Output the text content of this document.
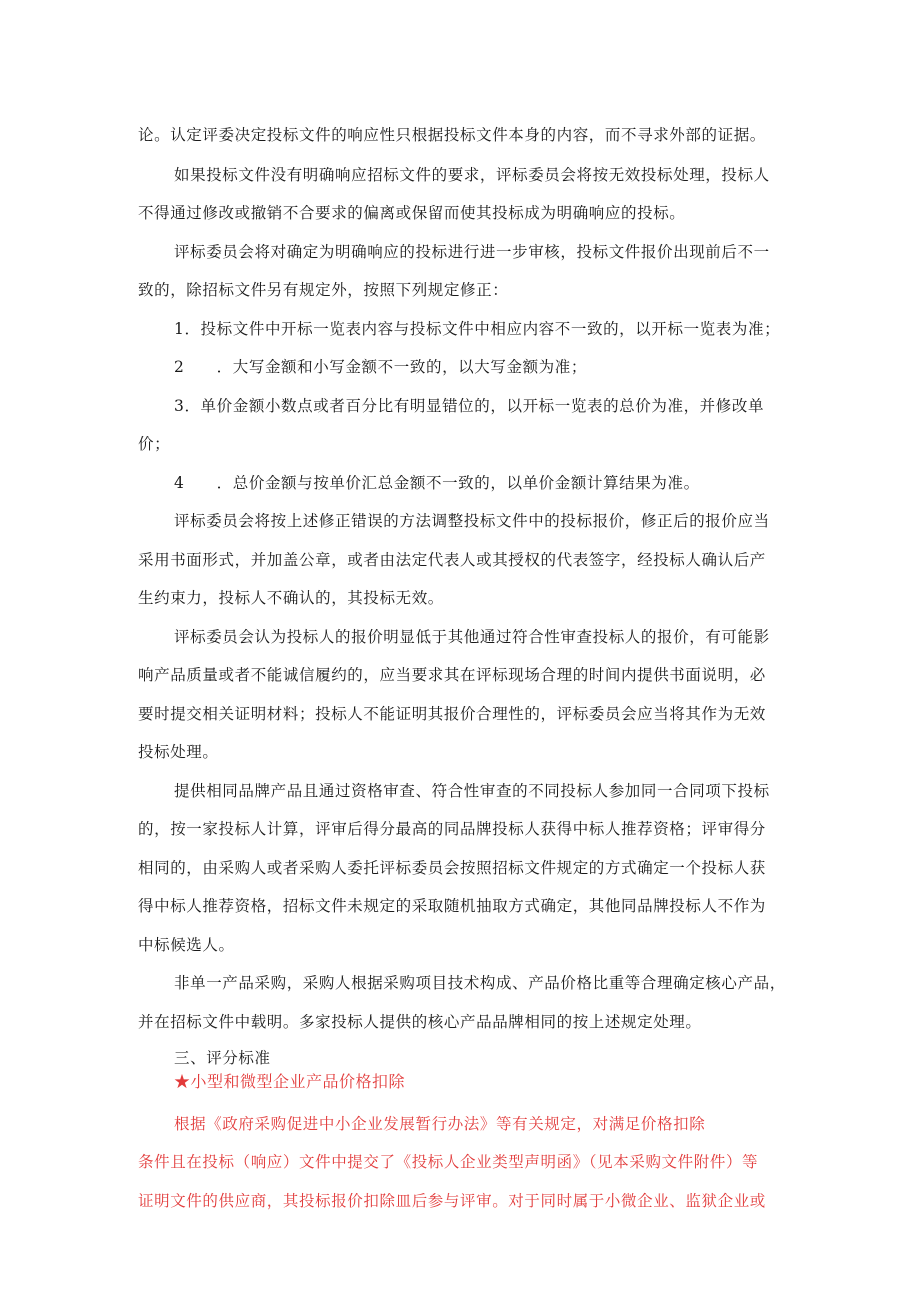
论。认定评委决定投标文件的响应性只根据投标文件本身的内容，而不寻求外部的证据。
如果投标文件没有明确响应招标文件的要求，评标委员会将按无效投标处理，投标人
不得通过修改或撤销不合要求的偏离或保留而使其投标成为明确响应的投标。
评标委员会将对确定为明确响应的投标进行进一步审核，投标文件报价出现前后不一
致的，除招标文件另有规定外，按照下列规定修正：
1．投标文件中开标一览表内容与投标文件中相应内容不一致的，以开标一览表为准；
2　　．大写金额和小写金额不一致的，以大写金额为准；
3．单价金额小数点或者百分比有明显错位的，以开标一览表的总价为准，并修改单
价；
4　　．总价金额与按单价汇总金额不一致的，以单价金额计算结果为准。
评标委员会将按上述修正错误的方法调整投标文件中的投标报价，修正后的报价应当
采用书面形式，并加盖公章，或者由法定代表人或其授权的代表签字，经投标人确认后产
生约束力，投标人不确认的，其投标无效。
评标委员会认为投标人的报价明显低于其他通过符合性审查投标人的报价，有可能影
响产品质量或者不能诚信履约的，应当要求其在评标现场合理的时间内提供书面说明，必
要时提交相关证明材料；投标人不能证明其报价合理性的，评标委员会应当将其作为无效
投标处理。
提供相同品牌产品且通过资格审查、符合性审查的不同投标人参加同一合同项下投标
的，按一家投标人计算，评审后得分最高的同品牌投标人获得中标人推荐资格；评审得分
相同的，由采购人或者采购人委托评标委员会按照招标文件规定的方式确定一个投标人获
得中标人推荐资格，招标文件未规定的采取随机抽取方式确定，其他同品牌投标人不作为
中标候选人。
非单一产品采购，采购人根据采购项目技术构成、产品价格比重等合理确定核心产品，
并在招标文件中载明。多家投标人提供的核心产品品牌相同的按上述规定处理。
三、评分标准
★小型和微型企业产品价格扣除
根据《政府采购促进中小企业发展暂行办法》等有关规定，对满足价格扣除
条件且在投标（响应）文件中提交了《投标人企业类型声明函》（见本采购文件附件）等
证明文件的供应商，其投标报价扣除皿后参与评审。对于同时属于小微企业、监狱企业或
